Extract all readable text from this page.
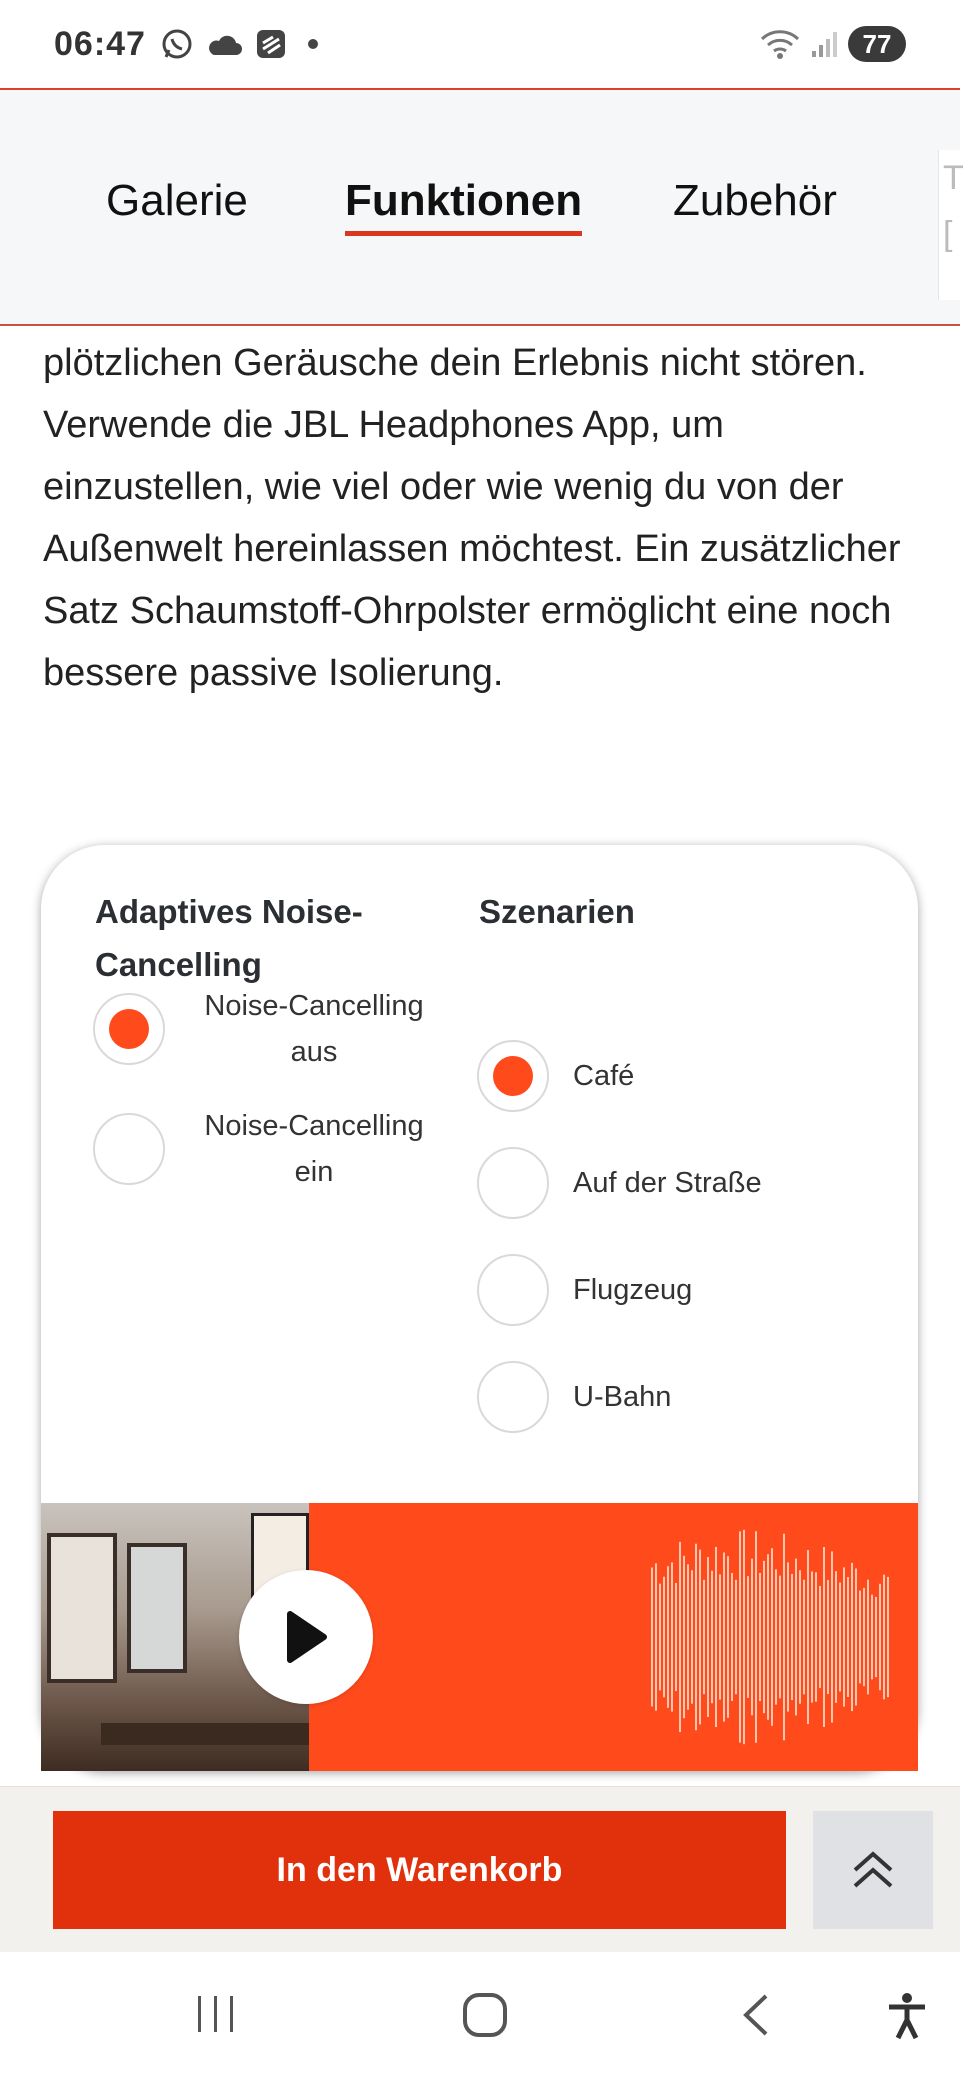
06:47	77
Galerie Funktionen Zubehör	T
[
plötzlichen Geräusche dein Erlebnis nicht stören. Verwende die JBL Headphones App, um einzustellen, wie viel oder wie wenig du von der Außenwelt hereinlassen möchtest. Ein zusätzlicher Satz Schaumstoff-Ohrpolster ermöglicht eine noch bessere passive Isolierung.
Adaptives Noise-
Cancelling
Szenarien
Noise-Cancelling
aus
Noise-Cancelling
ein
Café
Auf der Straße
Flugzeug
U-Bahn
In den Warenkorb
